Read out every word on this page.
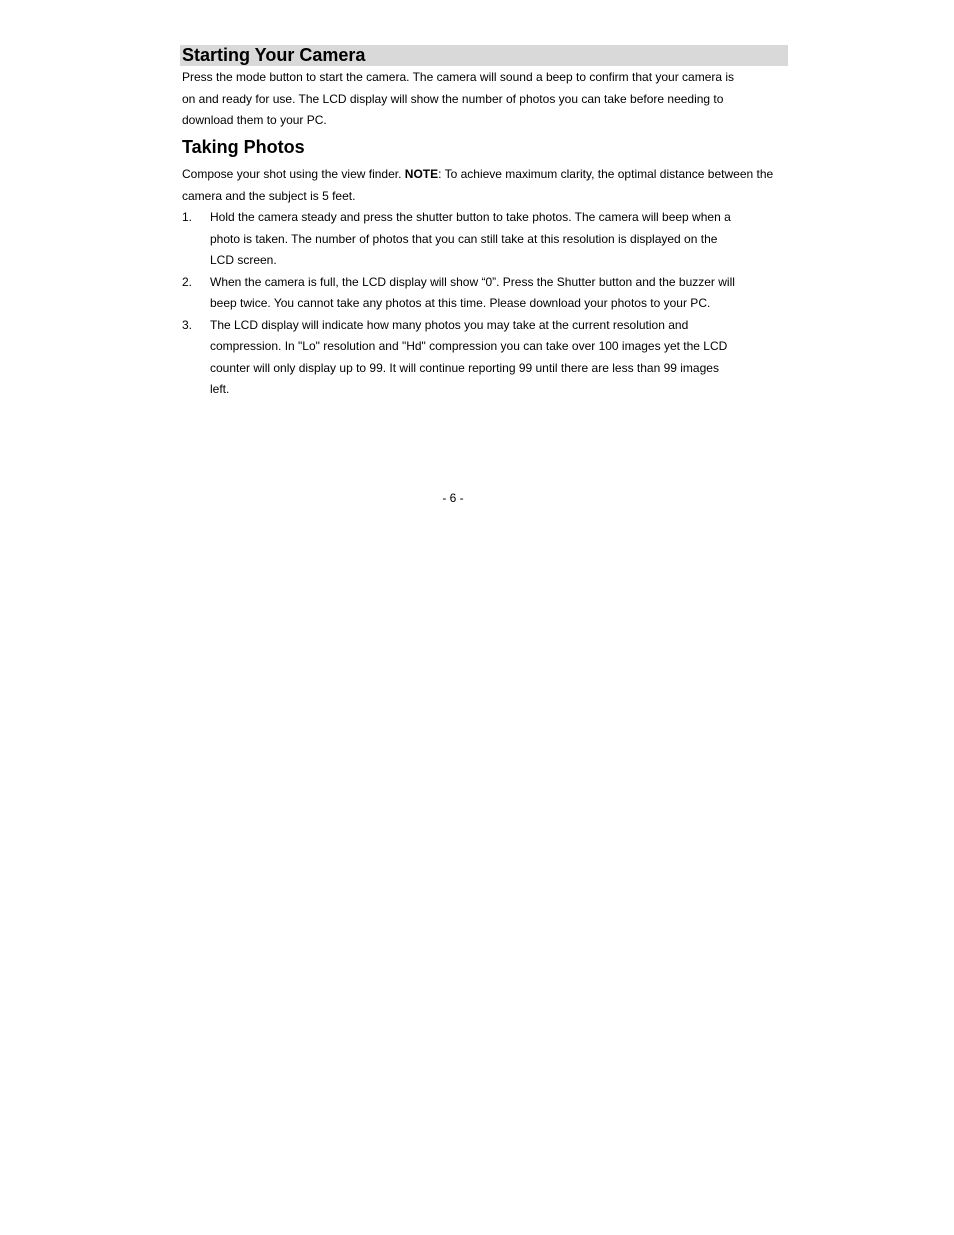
Starting Your Camera

Press the mode button to start the camera. The camera will sound a beep to confirm that your camera is on and ready for use. The LCD display will show the number of photos you can take before needing to download them to your PC.

Taking Photos

Compose your shot using the view finder. NOTE: To achieve maximum clarity, the optimal distance between the camera and the subject is 5 feet.

1. Hold the camera steady and press the shutter button to take photos. The camera will beep when a photo is taken. The number of photos that you can still take at this resolution is displayed on the LCD screen.
2. When the camera is full, the LCD display will show “0”. Press the Shutter button and the buzzer will beep twice. You cannot take any photos at this time. Please download your photos to your PC.
3. The LCD display will indicate how many photos you may take at the current resolution and compression. In "Lo" resolution and "Hd" compression you can take over 100 images yet the LCD counter will only display up to 99. It will continue reporting 99 until there are less than 99 images left.

- 6 -
